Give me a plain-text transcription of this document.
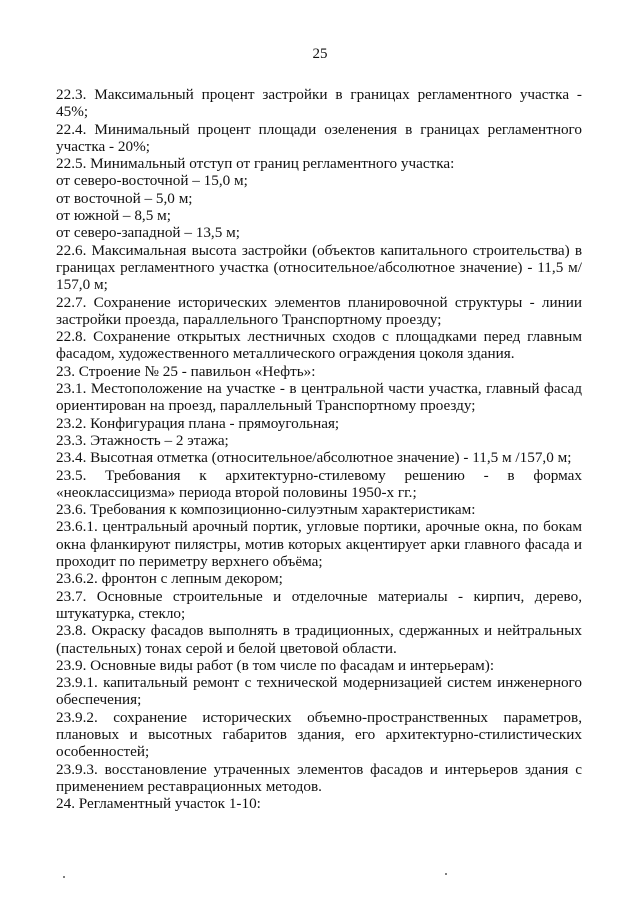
25
22.3. Максимальный процент застройки в границах регламентного участка -
45%;
22.4. Минимальный процент площади озеленения в границах регламентного
участка - 20%;
22.5. Минимальный отступ от границ регламентного участка:
от северо-восточной – 15,0 м;
от восточной – 5,0 м;
от южной – 8,5 м;
от северо-западной – 13,5 м;
22.6. Максимальная высота застройки (объектов капитального строительства) в
границах регламентного участка (относительное/абсолютное значение) - 11,5 м/
157,0 м;
22.7. Сохранение исторических элементов планировочной структуры - линии
застройки проезда, параллельного Транспортному проезду;
22.8. Сохранение открытых лестничных сходов с площадками перед главным
фасадом, художественного металлического ограждения цоколя здания.
23. Строение № 25 - павильон «Нефть»:
23.1. Местоположение на участке - в центральной части участка, главный фасад
ориентирован на проезд, параллельный Транспортному проезду;
23.2. Конфигурация плана - прямоугольная;
23.3. Этажность – 2 этажа;
23.4. Высотная отметка (относительное/абсолютное значение) - 11,5 м /157,0 м;
23.5. Требования к архитектурно-стилевому решению - в формах
«неоклассицизма» периода второй половины 1950-х гг.;
23.6. Требования к композиционно-силуэтным характеристикам:
23.6.1. центральный арочный портик, угловые портики, арочные окна, по бокам
окна фланкируют пилястры, мотив которых акцентирует арки главного фасада и
проходит по периметру верхнего объёма;
23.6.2. фронтон с лепным декором;
23.7. Основные строительные и отделочные материалы - кирпич, дерево,
штукатурка, стекло;
23.8. Окраску фасадов выполнять в традиционных, сдержанных и нейтральных
(пастельных) тонах серой и белой цветовой области.
23.9. Основные виды работ (в том числе по фасадам и интерьерам):
23.9.1. капитальный ремонт с технической модернизацией систем инженерного
обеспечения;
23.9.2. сохранение исторических объемно-пространственных параметров,
плановых и высотных габаритов здания, его архитектурно-стилистических
особенностей;
23.9.3. восстановление утраченных элементов фасадов и интерьеров здания с
применением реставрационных методов.
24. Регламентный участок 1-10:
